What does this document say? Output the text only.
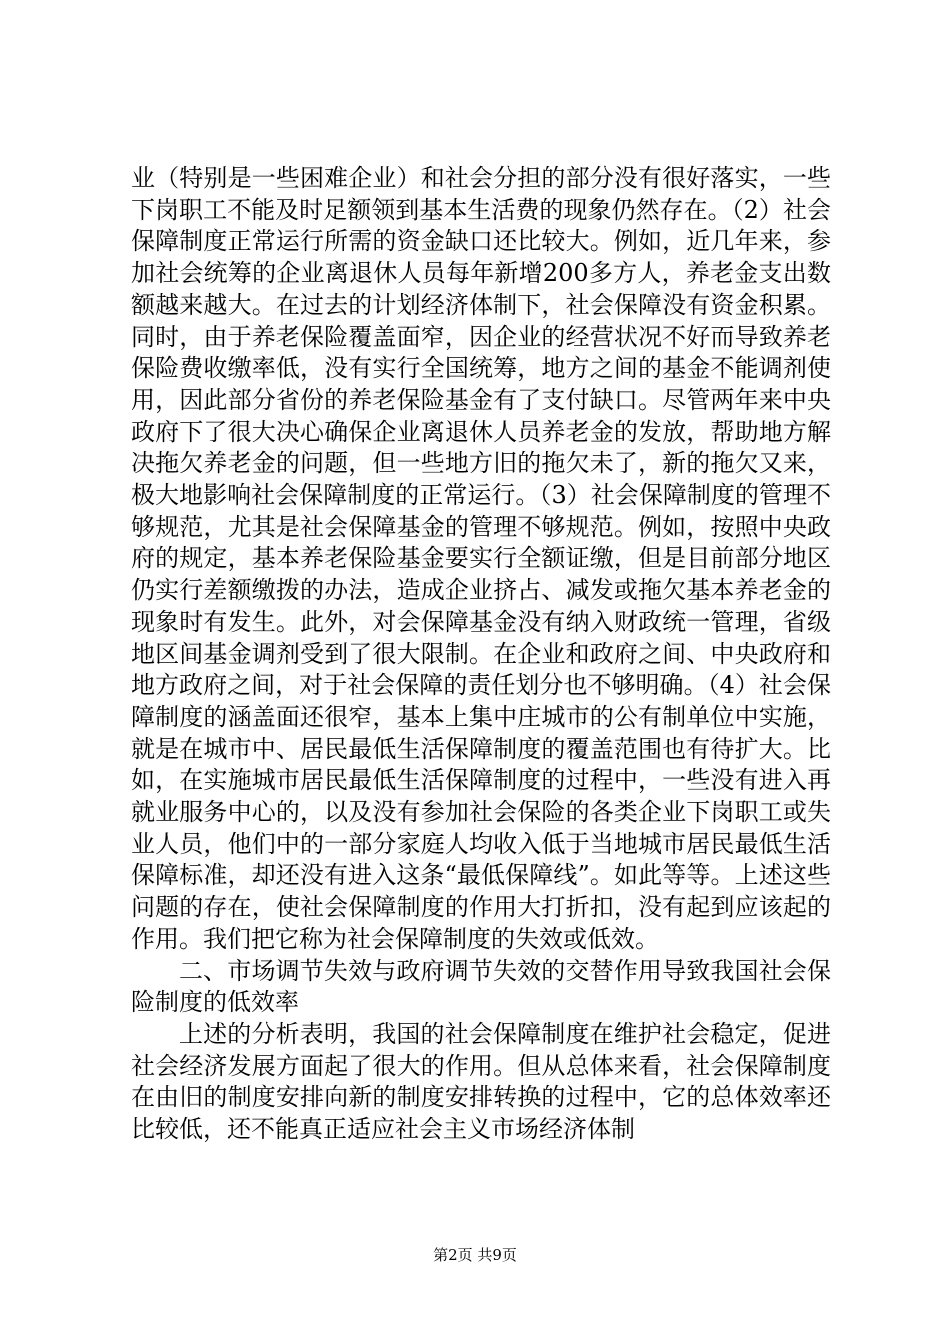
业（特别是一些困难企业）和社会分担的部分没有很好落实，一些下岗职工不能及时足额领到基本生活费的现象仍然存在。（2）社会保障制度正常运行所需的资金缺口还比较大。例如，近几年来，参加社会统筹的企业离退休人员每年新增200多方人，养老金支出数额越来越大。在过去的计划经济体制下，社会保障没有资金积累。同时，由于养老保险覆盖面窄，因企业的经营状况不好而导致养老保险费收缴率低，没有实行全国统筹，地方之间的基金不能调剂使用，因此部分省份的养老保险基金有了支付缺口。尽管两年来中央政府下了很大决心确保企业离退休人员养老金的发放，帮助地方解决拖欠养老金的问题，但一些地方旧的拖欠未了，新的拖欠又来，极大地影响社会保障制度的正常运行。（3）社会保障制度的管理不够规范，尤其是社会保障基金的管理不够规范。例如，按照中央政府的规定，基本养老保险基金要实行全额证缴，但是目前部分地区仍实行差额缴拨的办法，造成企业挤占、减发或拖欠基本养老金的现象时有发生。此外，对会保障基金没有纳入财政统一管理，省级地区间基金调剂受到了很大限制。在企业和政府之间、中央政府和地方政府之间，对于社会保障的责任划分也不够明确。（4）社会保障制度的涵盖面还很窄，基本上集中庄城市的公有制单位中实施，就是在城市中、居民最低生活保障制度的覆盖范围也有待扩大。比如，在实施城市居民最低生活保障制度的过程中，一些没有进入再就业服务中心的，以及没有参加社会保险的各类企业下岗职工或失业人员，他们中的一部分家庭人均收入低于当地城市居民最低生活保障标准，却还没有进入这条“最低保障线”。如此等等。上述这些问题的存在，使社会保障制度的作用大打折扣，没有起到应该起的作用。我们把它称为社会保障制度的失效或低效。

二、市场调节失效与政府调节失效的交替作用导致我国社会保险制度的低效率

上述的分析表明，我国的社会保障制度在维护社会稳定，促进社会经济发展方面起了很大的作用。但从总体来看，社会保障制度在由旧的制度安排向新的制度安排转换的过程中，它的总体效率还比较低，还不能真正适应社会主义市场经济体制

第2页 共9页
